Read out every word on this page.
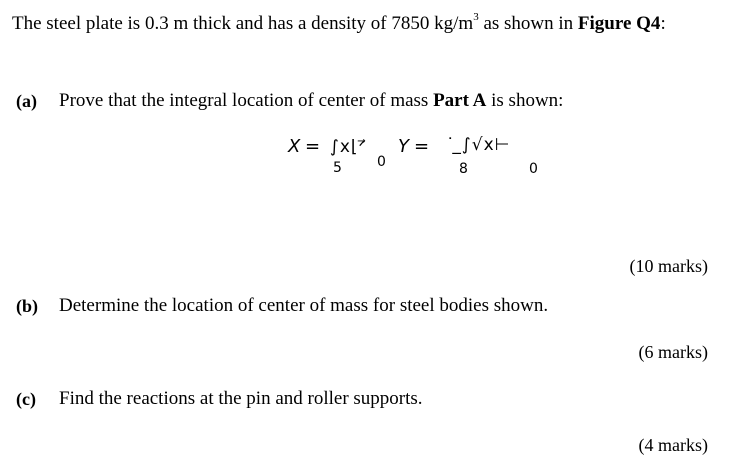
The steel plate is 0.3 m thick and has a density of 7850 $kg/m^3$ as shown in Figure Q4:
(a) Prove that the integral location of center of mass Part A is shown:
X = ∫x⌊ᐟ⃗
5	0
Y = ˙ ̲∫√x⊢
8	0
(10 marks)
(b) Determine the location of center of mass for steel bodies shown.
(6 marks)
(c) Find the reactions at the pin and roller supports.
(4 marks)
